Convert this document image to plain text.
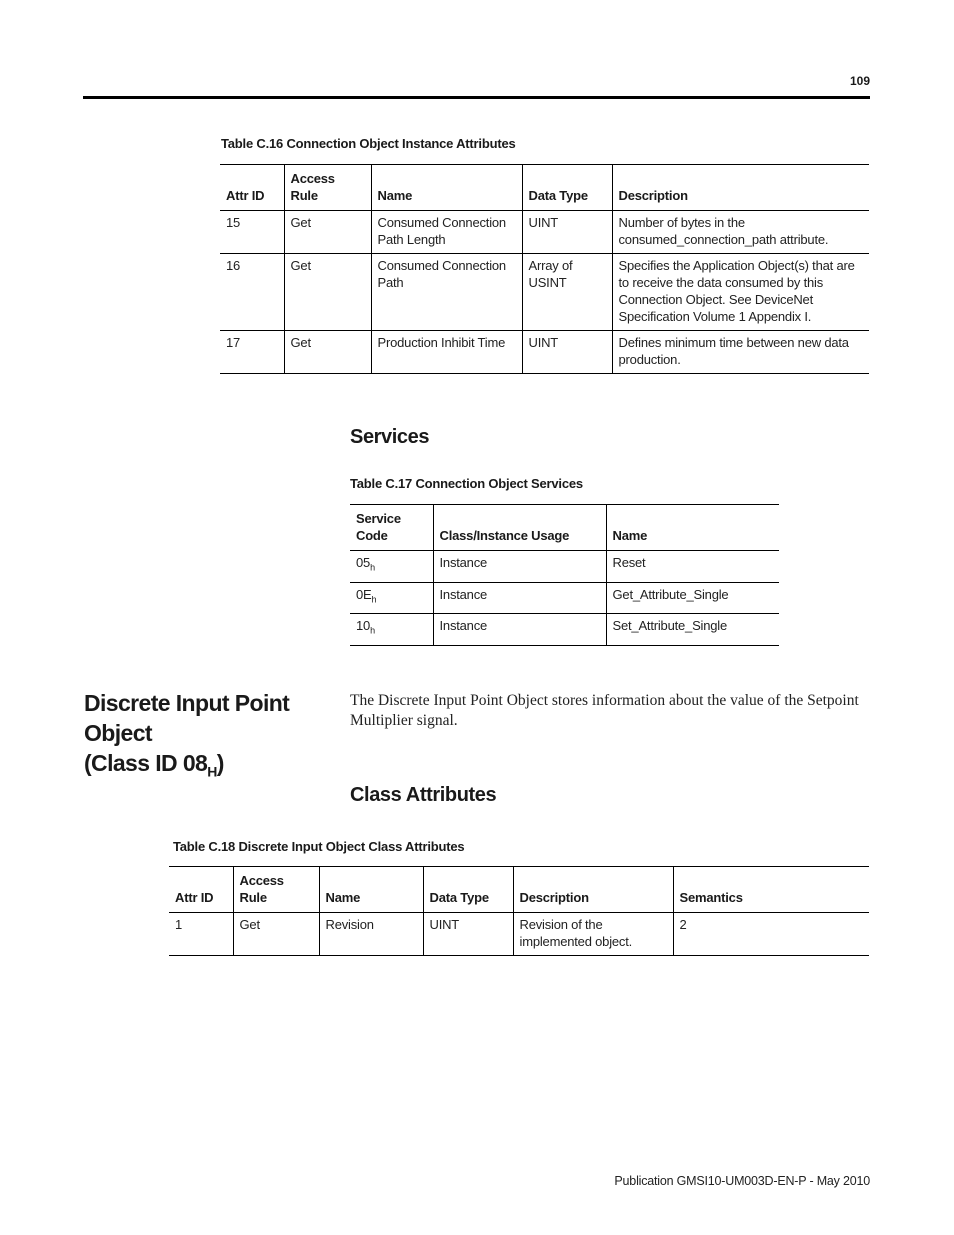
109
Table C.16 Connection Object Instance Attributes
Attr ID	Access Rule	Name	Data Type	Description
15	Get	Consumed Connection Path Length	UINT	Number of bytes in the consumed_connection_path attribute.
16	Get	Consumed Connection Path	Array of USINT	Specifies the Application Object(s) that are to receive the data consumed by this Connection Object. See DeviceNet Specification Volume 1 Appendix I.
17	Get	Production Inhibit Time	UINT	Defines minimum time between new data production.
Services
Table C.17 Connection Object Services
Service Code	Class/Instance Usage	Name
$05_h$	Instance	Reset
$0E_h$	Instance	Get_Attribute_Single
$10_h$	Instance	Set_Attribute_Single
Discrete Input Point Object
(Class ID $08_H$)
The Discrete Input Point Object stores information about the value of the Setpoint Multiplier signal.
Class Attributes
Table C.18 Discrete Input Object Class Attributes
Attr ID	Access Rule	Name	Data Type	Description	Semantics
1	Get	Revision	UINT	Revision of the implemented object.	2
Publication GMSI10-UM003D-EN-P - May 2010
